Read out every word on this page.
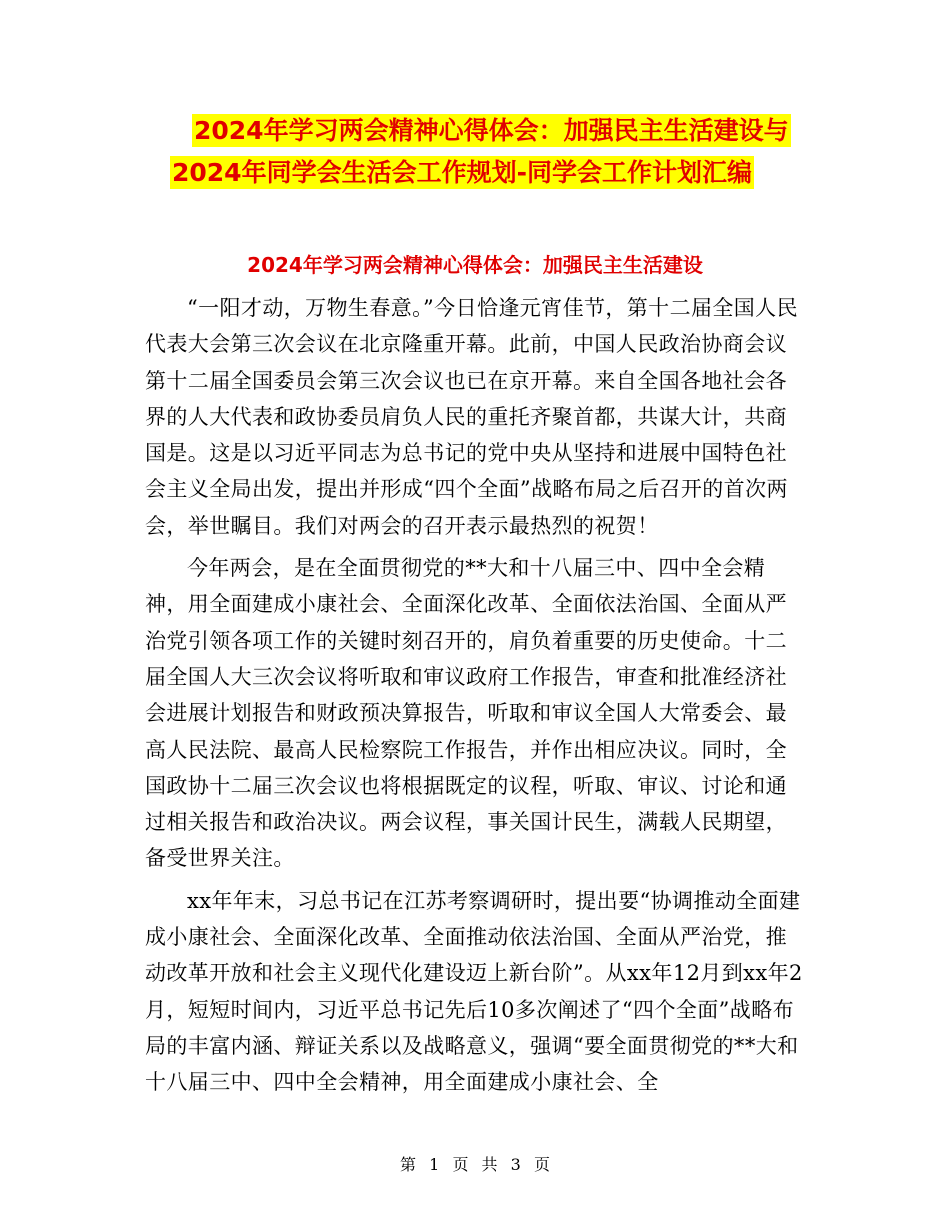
2024年学习两会精神心得体会：加强民主生活建设与
2024年同学会生活会工作规划-同学会工作计划汇编
2024年学习两会精神心得体会：加强民主生活建设

“一阳才动，万物生春意。”今日恰逢元宵佳节，第十二届全国人民代表大会第三次会议在北京隆重开幕。此前，中国人民政治协商会议第十二届全国委员会第三次会议也已在京开幕。来自全国各地社会各界的人大代表和政协委员肩负人民的重托齐聚首都，共谋大计，共商国是。这是以习近平同志为总书记的党中央从坚持和进展中国特色社会主义全局出发，提出并形成“四个全面”战略布局之后召开的首次两会，举世瞩目。我们对两会的召开表示最热烈的祝贺！

今年两会，是在全面贯彻党的**大和十八届三中、四中全会精神，用全面建成小康社会、全面深化改革、全面依法治国、全面从严治党引领各项工作的关键时刻召开的，肩负着重要的历史使命。十二届全国人大三次会议将听取和审议政府工作报告，审查和批准经济社会进展计划报告和财政预决算报告，听取和审议全国人大常委会、最高人民法院、最高人民检察院工作报告，并作出相应决议。同时，全国政协十二届三次会议也将根据既定的议程，听取、审议、讨论和通过相关报告和政治决议。两会议程，事关国计民生，满载人民期望，备受世界关注。

xx年年末，习总书记在江苏考察调研时，提出要“协调推动全面建成小康社会、全面深化改革、全面推动依法治国、全面从严治党，推动改革开放和社会主义现代化建设迈上新台阶”。从xx年12月到xx年2月，短短时间内，习近平总书记先后10多次阐述了“四个全面”战略布局的丰富内涵、辩证关系以及战略意义，强调“要全面贯彻党的**大和十八届三中、四中全会精神，用全面建成小康社会、全

第 1 页 共 3 页
